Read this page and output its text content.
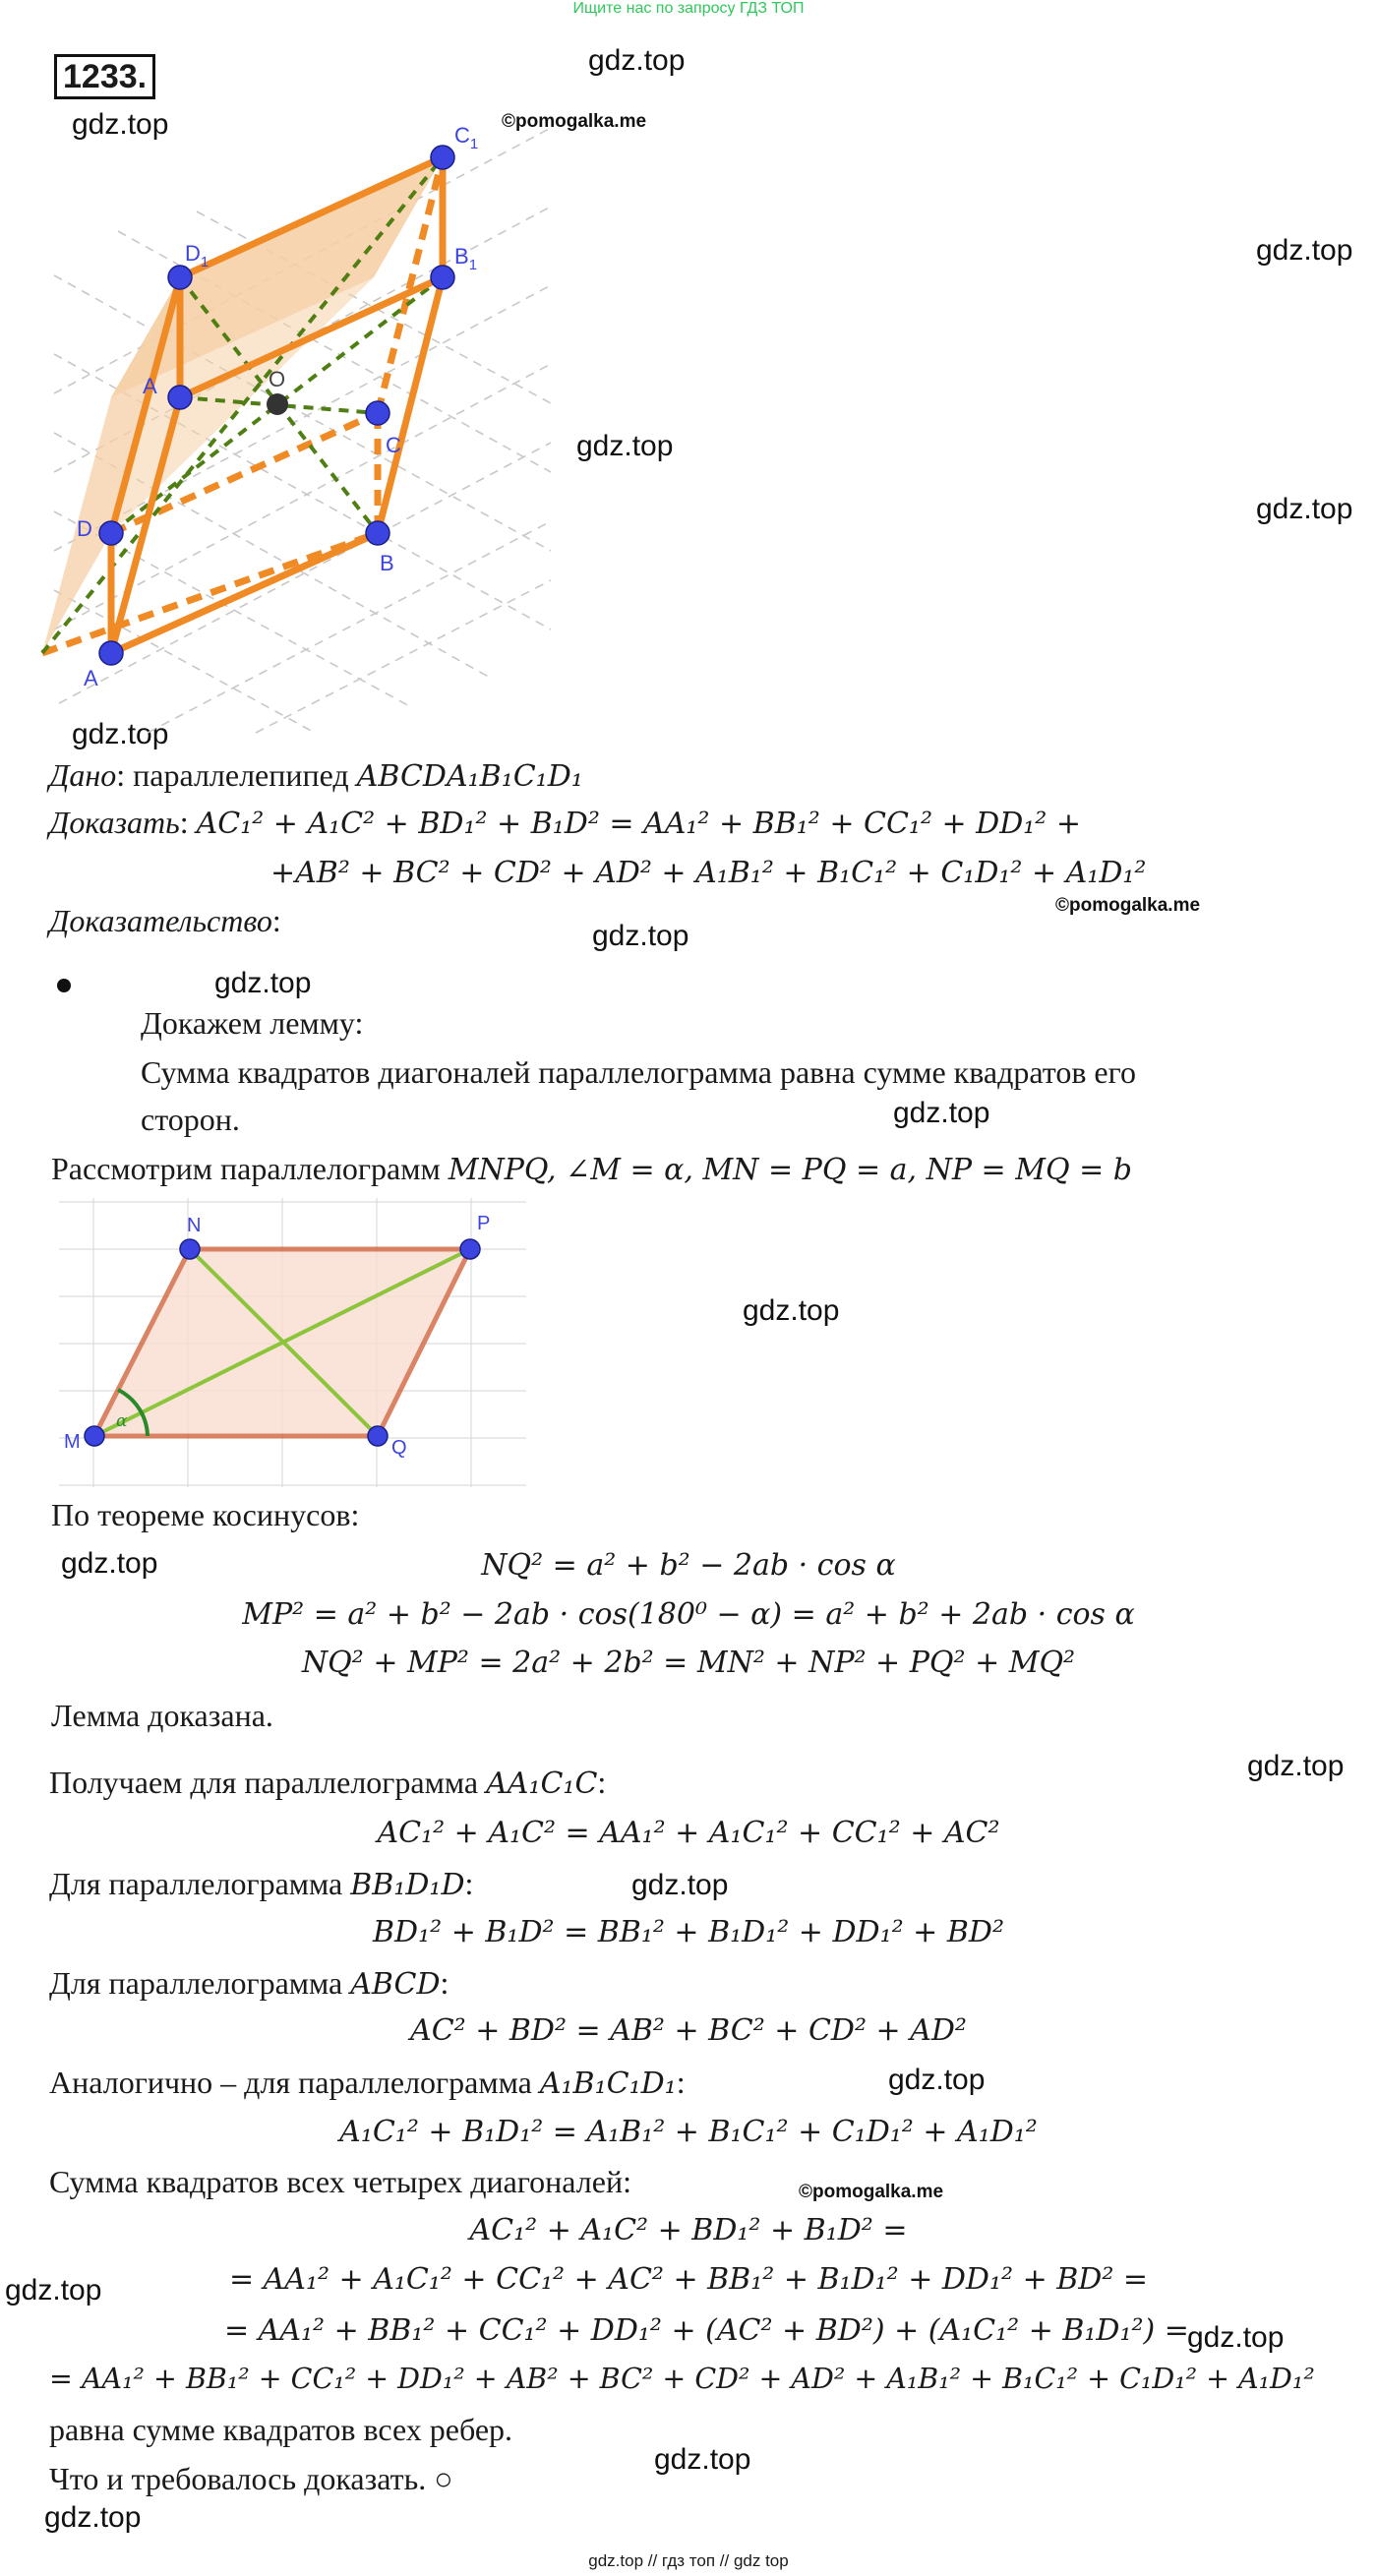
Ищите нас по запросу ГДЗ ТОП
1233.	gdz.top
gdz.top
gdz.top
gdz.top
gdz.top
gdz.top
gdz.top
gdz.top
gdz.top
gdz.top
gdz.top
gdz.top
gdz.top
gdz.top
gdz.top
gdz.top
gdz.top
gdz.top
©pomogalka.me
©pomogalka.me
©pomogalka.me
$C_1$
$B_1$
$D_1$
A	O
C
D
B
A
Дано: параллелепипед ABCDA₁B₁C₁D₁
Доказать: AC₁² + A₁C² + BD₁² + B₁D² = AA₁² + BB₁² + CC₁² + DD₁² +
+AB² + BC² + CD² + AD² + A₁B₁² + B₁C₁² + C₁D₁² + A₁D₁²
Доказательство:
Докажем лемму:
Сумма квадратов диагоналей параллелограмма равна сумме квадратов его
сторон.
Рассмотрим параллелограмм MNPQ, ∠M = α, MN = PQ = a, NP = MQ = b
α
M
N	P
Q
По теореме косинусов:
NQ² = a² + b² − 2ab · cos α
MP² = a² + b² − 2ab · cos(180⁰ − α) = a² + b² + 2ab · cos α
NQ² + MP² = 2a² + 2b² = MN² + NP² + PQ² + MQ²
Лемма доказана.
Получаем для параллелограмма AA₁C₁C:
AC₁² + A₁C² = AA₁² + A₁C₁² + CC₁² + AC²
Для параллелограмма BB₁D₁D:
BD₁² + B₁D² = BB₁² + B₁D₁² + DD₁² + BD²
Для параллелограмма ABCD:
AC² + BD² = AB² + BC² + CD² + AD²
Аналогично – для параллелограмма A₁B₁C₁D₁:
A₁C₁² + B₁D₁² = A₁B₁² + B₁C₁² + C₁D₁² + A₁D₁²
Сумма квадратов всех четырех диагоналей:
AC₁² + A₁C² + BD₁² + B₁D² =
= AA₁² + A₁C₁² + CC₁² + AC² + BB₁² + B₁D₁² + DD₁² + BD² =
= AA₁² + BB₁² + CC₁² + DD₁² + (AC² + BD²) + (A₁C₁² + B₁D₁²) =
= AA₁² + BB₁² + CC₁² + DD₁² + AB² + BC² + CD² + AD² + A₁B₁² + B₁C₁² + C₁D₁² + A₁D₁²
равна сумме квадратов всех ребер.
Что и требовалось доказать. ○
gdz.top // гдз топ // gdz top
